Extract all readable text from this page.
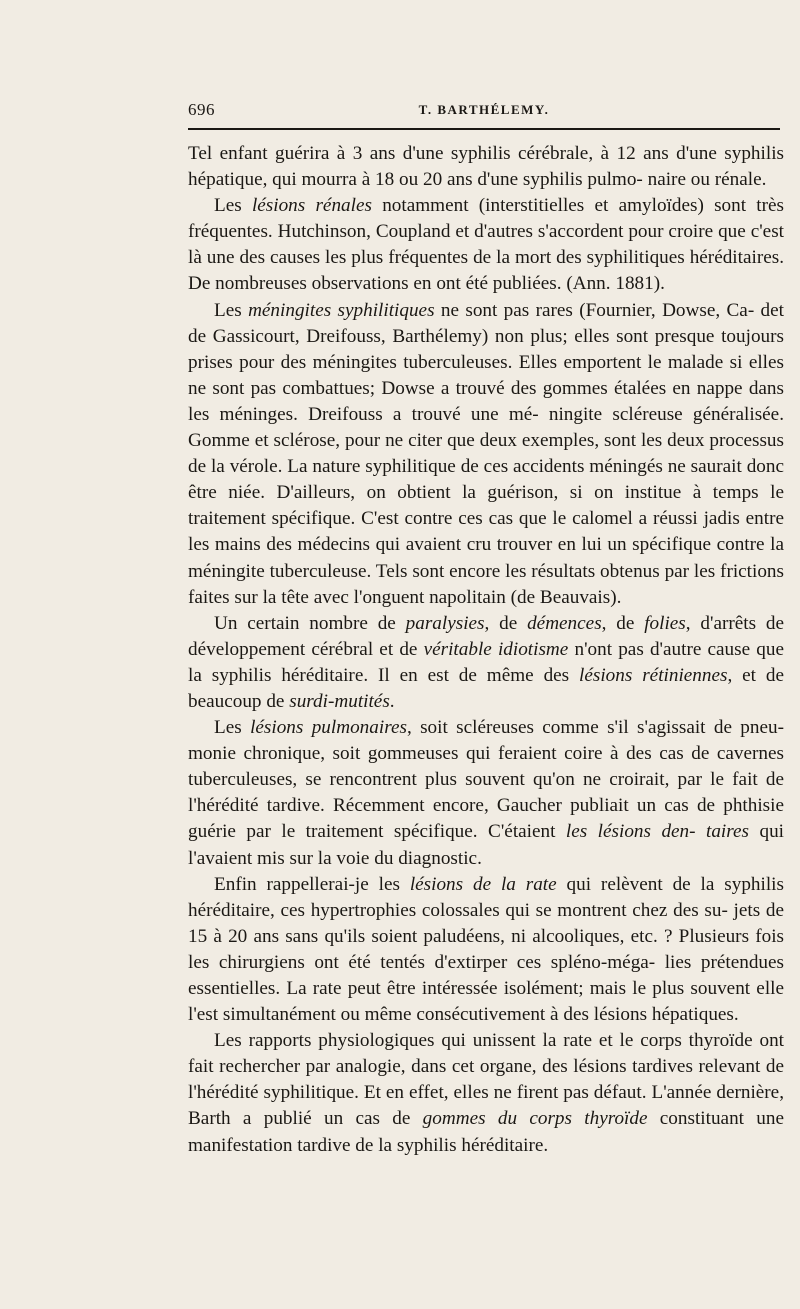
696	T. BARTHÉLEMY.

Tel enfant guérira à 3 ans d'une syphilis cérébrale, à 12 ans d'une syphilis hépatique, qui mourra à 18 ou 20 ans d'une syphilis pulmo- naire ou rénale.

Les lésions rénales notamment (interstitielles et amyloïdes) sont très fréquentes. Hutchinson, Coupland et d'autres s'accordent pour croire que c'est là une des causes les plus fréquentes de la mort des syphilitiques héréditaires. De nombreuses observations en ont été publiées. (Ann. 1881).

Les méningites syphilitiques ne sont pas rares (Fournier, Dowse, Ca- det de Gassicourt, Dreifouss, Barthélemy) non plus; elles sont presque toujours prises pour des méningites tuberculeuses. Elles emportent le malade si elles ne sont pas combattues; Dowse a trouvé des gommes étalées en nappe dans les méninges. Dreifouss a trouvé une mé- ningite scléreuse généralisée. Gomme et sclérose, pour ne citer que deux exemples, sont les deux processus de la vérole. La nature syphilitique de ces accidents méningés ne saurait donc être niée. D'ailleurs, on obtient la guérison, si on institue à temps le traitement spécifique. C'est contre ces cas que le calomel a réussi jadis entre les mains des médecins qui avaient cru trouver en lui un spécifique contre la méningite tuberculeuse. Tels sont encore les résultats obtenus par les frictions faites sur la tête avec l'onguent napolitain (de Beauvais).

Un certain nombre de paralysies, de démences, de folies, d'arrêts de développement cérébral et de véritable idiotisme n'ont pas d'autre cause que la syphilis héréditaire. Il en est de même des lésions rétiniennes, et de beaucoup de surdi-mutités.

Les lésions pulmonaires, soit scléreuses comme s'il s'agissait de pneu- monie chronique, soit gommeuses qui feraient coire à des cas de cavernes tuberculeuses, se rencontrent plus souvent qu'on ne croirait, par le fait de l'hérédité tardive. Récemment encore, Gaucher publiait un cas de phthisie guérie par le traitement spécifique. C'étaient les lésions den- taires qui l'avaient mis sur la voie du diagnostic.

Enfin rappellerai-je les lésions de la rate qui relèvent de la syphilis héréditaire, ces hypertrophies colossales qui se montrent chez des su- jets de 15 à 20 ans sans qu'ils soient paludéens, ni alcooliques, etc. ? Plusieurs fois les chirurgiens ont été tentés d'extirper ces spléno-méga- lies prétendues essentielles. La rate peut être intéressée isolément; mais le plus souvent elle l'est simultanément ou même consécutivement à des lésions hépatiques.

Les rapports physiologiques qui unissent la rate et le corps thyroïde ont fait rechercher par analogie, dans cet organe, des lésions tardives relevant de l'hérédité syphilitique. Et en effet, elles ne firent pas défaut. L'année dernière, Barth a publié un cas de gommes du corps thyroïde constituant une manifestation tardive de la syphilis héréditaire.
